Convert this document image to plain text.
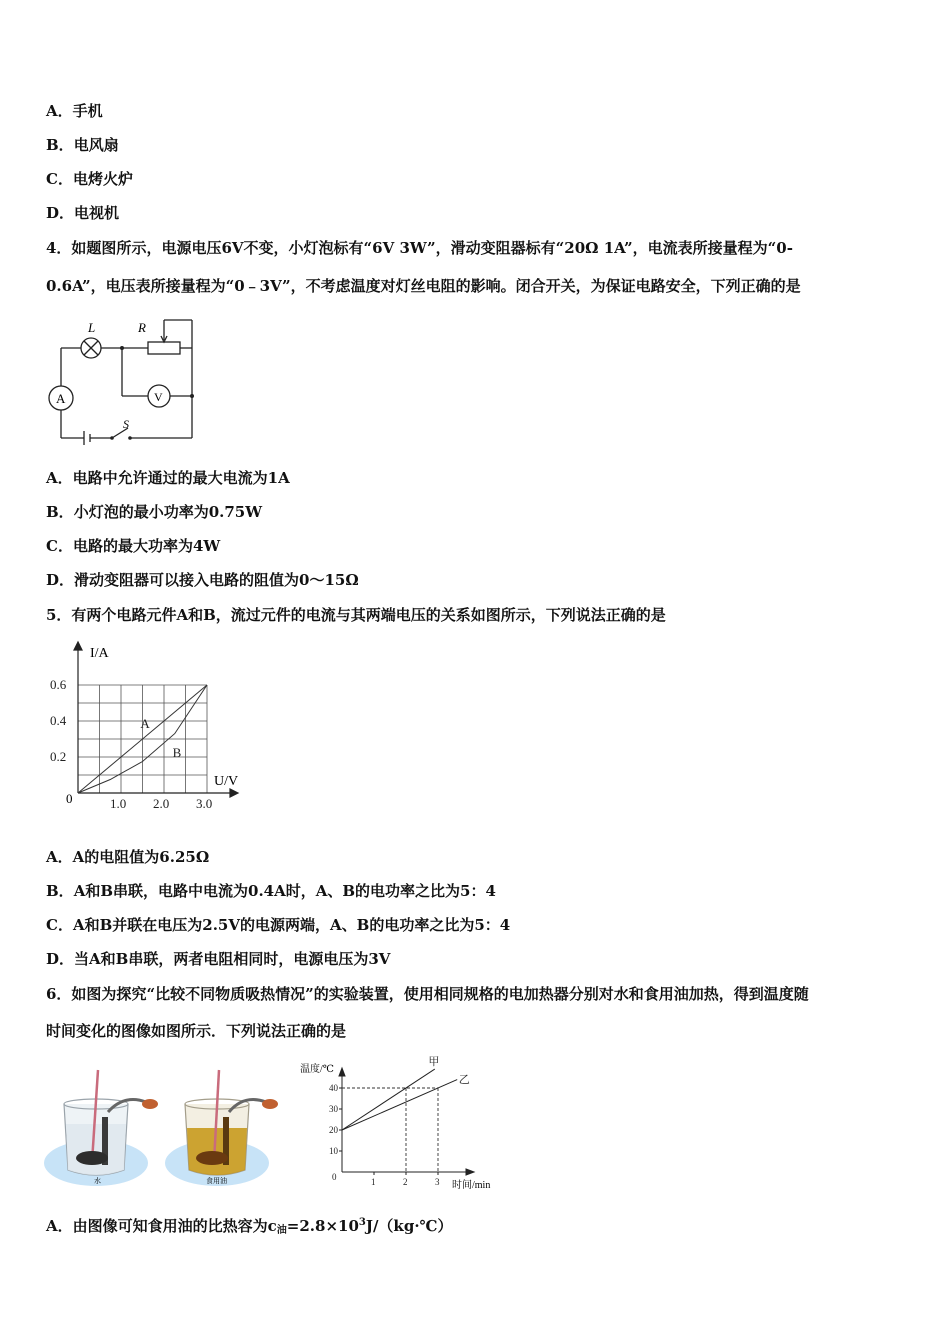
A．手机
B．电风扇
C．电烤火炉
D．电视机
4．如题图所示，电源电压6V不变，小灯泡标有“6V 3W”，滑动变阻器标有“20Ω 1A”，电流表所接量程为“0-
0.6A”，电压表所接量程为“0﹣3V”，不考虑温度对灯丝电阻的影响。闭合开关，为保证电路安全，下列正确的是
L	R
A	V
S
A．电路中允许通过的最大电流为1A
B．小灯泡的最小功率为0.75W
C．电路的最大功率为4W
D．滑动变阻器可以接入电路的阻值为0～15Ω
5．有两个电路元件A和B，流过元件的电流与其两端电压的关系如图所示，下列说法正确的是
1.0 2.0 3.0
0.2
0.4
0.6
A
B
I/A
U/V
0
A．A的电阻值为6.25Ω
B．A和B串联，电路中电流为0.4A时，A、B的电功率之比为5：4
C．A和B并联在电压为2.5V的电源两端，A、B的电功率之比为5：4
D．当A和B串联，两者电阻相同时，电源电压为3V
6．如图为探究“比较不同物质吸热情况”的实验装置，使用相同规格的电加热器分别对水和食用油加热，得到温度随
时间变化的图像如图所示．下列说法正确的是
水	食用油
10
20
30
40
1	2	3
0
甲
乙
温度/℃
时间/min
A．由图像可知食用油的比热容为$c_油=2.8\times 10^3J/(kg\cdot℃)$
